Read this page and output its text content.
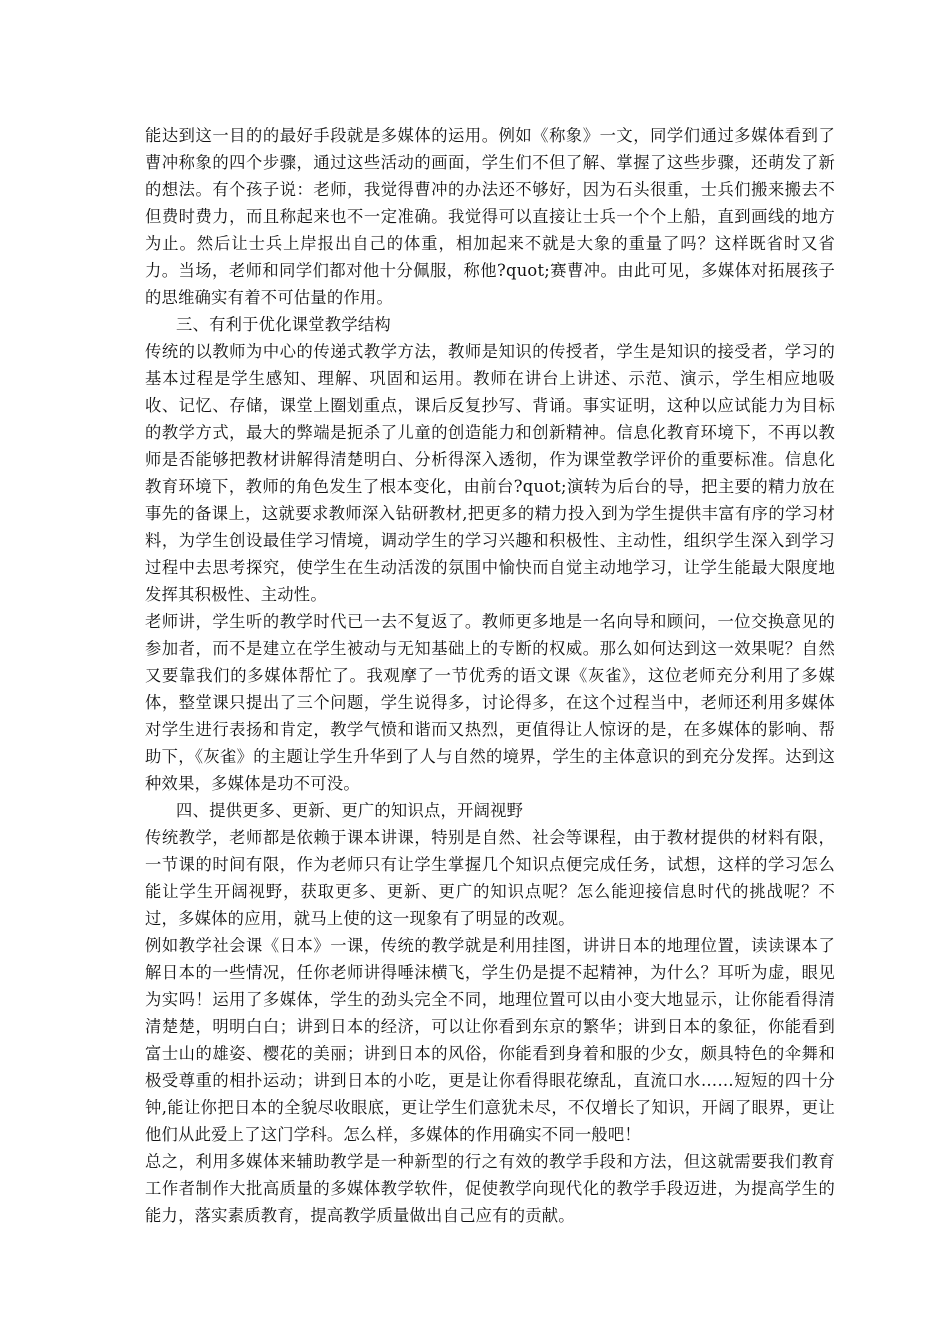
能达到这一目的的最好手段就是多媒体的运用。例如《称象》一文，同学们通过多媒体看到了曹冲称象的四个步骤，通过这些活动的画面，学生们不但了解、掌握了这些步骤，还萌发了新的想法。有个孩子说：老师，我觉得曹冲的办法还不够好，因为石头很重，士兵们搬来搬去不但费时费力，而且称起来也不一定准确。我觉得可以直接让士兵一个个上船，直到画线的地方为止。然后让士兵上岸报出自己的体重，相加起来不就是大象的重量了吗？这样既省时又省力。当场，老师和同学们都对他十分佩服，称他?quot;赛曹冲。由此可见，多媒体对拓展孩子的思维确实有着不可估量的作用。

三、有利于优化课堂教学结构

传统的以教师为中心的传递式教学方法，教师是知识的传授者，学生是知识的接受者，学习的基本过程是学生感知、理解、巩固和运用。教师在讲台上讲述、示范、演示，学生相应地吸收、记忆、存储，课堂上圈划重点，课后反复抄写、背诵。事实证明，这种以应试能力为目标的教学方式，最大的弊端是扼杀了儿童的创造能力和创新精神。信息化教育环境下，不再以教师是否能够把教材讲解得清楚明白、分析得深入透彻，作为课堂教学评价的重要标准。信息化教育环境下，教师的角色发生了根本变化，由前台?quot;演转为后台的导，把主要的精力放在事先的备课上，这就要求教师深入钻研教材,把更多的精力投入到为学生提供丰富有序的学习材料，为学生创设最佳学习情境，调动学生的学习兴趣和积极性、主动性，组织学生深入到学习过程中去思考探究，使学生在生动活泼的氛围中愉快而自觉主动地学习，让学生能最大限度地发挥其积极性、主动性。

老师讲，学生听的教学时代已一去不复返了。教师更多地是一名向导和顾问，一位交换意见的参加者，而不是建立在学生被动与无知基础上的专断的权威。那么如何达到这一效果呢？自然又要靠我们的多媒体帮忙了。我观摩了一节优秀的语文课《灰雀》，这位老师充分利用了多媒体，整堂课只提出了三个问题，学生说得多，讨论得多，在这个过程当中，老师还利用多媒体对学生进行表扬和肯定，教学气愤和谐而又热烈，更值得让人惊讶的是，在多媒体的影响、帮助下，《灰雀》的主题让学生升华到了人与自然的境界，学生的主体意识的到充分发挥。达到这种效果，多媒体是功不可没。

四、提供更多、更新、更广的知识点，开阔视野

传统教学，老师都是依赖于课本讲课，特别是自然、社会等课程，由于教材提供的材料有限，一节课的时间有限，作为老师只有让学生掌握几个知识点便完成任务，试想，这样的学习怎么能让学生开阔视野，获取更多、更新、更广的知识点呢？怎么能迎接信息时代的挑战呢？不过，多媒体的应用，就马上使的这一现象有了明显的改观。

例如教学社会课《日本》一课，传统的教学就是利用挂图，讲讲日本的地理位置，读读课本了解日本的一些情况，任你老师讲得唾沫横飞，学生仍是提不起精神，为什么？耳听为虚，眼见为实吗！运用了多媒体，学生的劲头完全不同，地理位置可以由小变大地显示，让你能看得清清楚楚，明明白白；讲到日本的经济，可以让你看到东京的繁华；讲到日本的象征，你能看到富士山的雄姿、樱花的美丽；讲到日本的风俗，你能看到身着和服的少女，颇具特色的伞舞和极受尊重的相扑运动；讲到日本的小吃，更是让你看得眼花缭乱，直流口水……短短的四十分钟,能让你把日本的全貌尽收眼底，更让学生们意犹未尽，不仅增长了知识，开阔了眼界，更让他们从此爱上了这门学科。怎么样，多媒体的作用确实不同一般吧！

总之，利用多媒体来辅助教学是一种新型的行之有效的教学手段和方法，但这就需要我们教育工作者制作大批高质量的多媒体教学软件，促使教学向现代化的教学手段迈进，为提高学生的能力，落实素质教育，提高教学质量做出自己应有的贡献。
